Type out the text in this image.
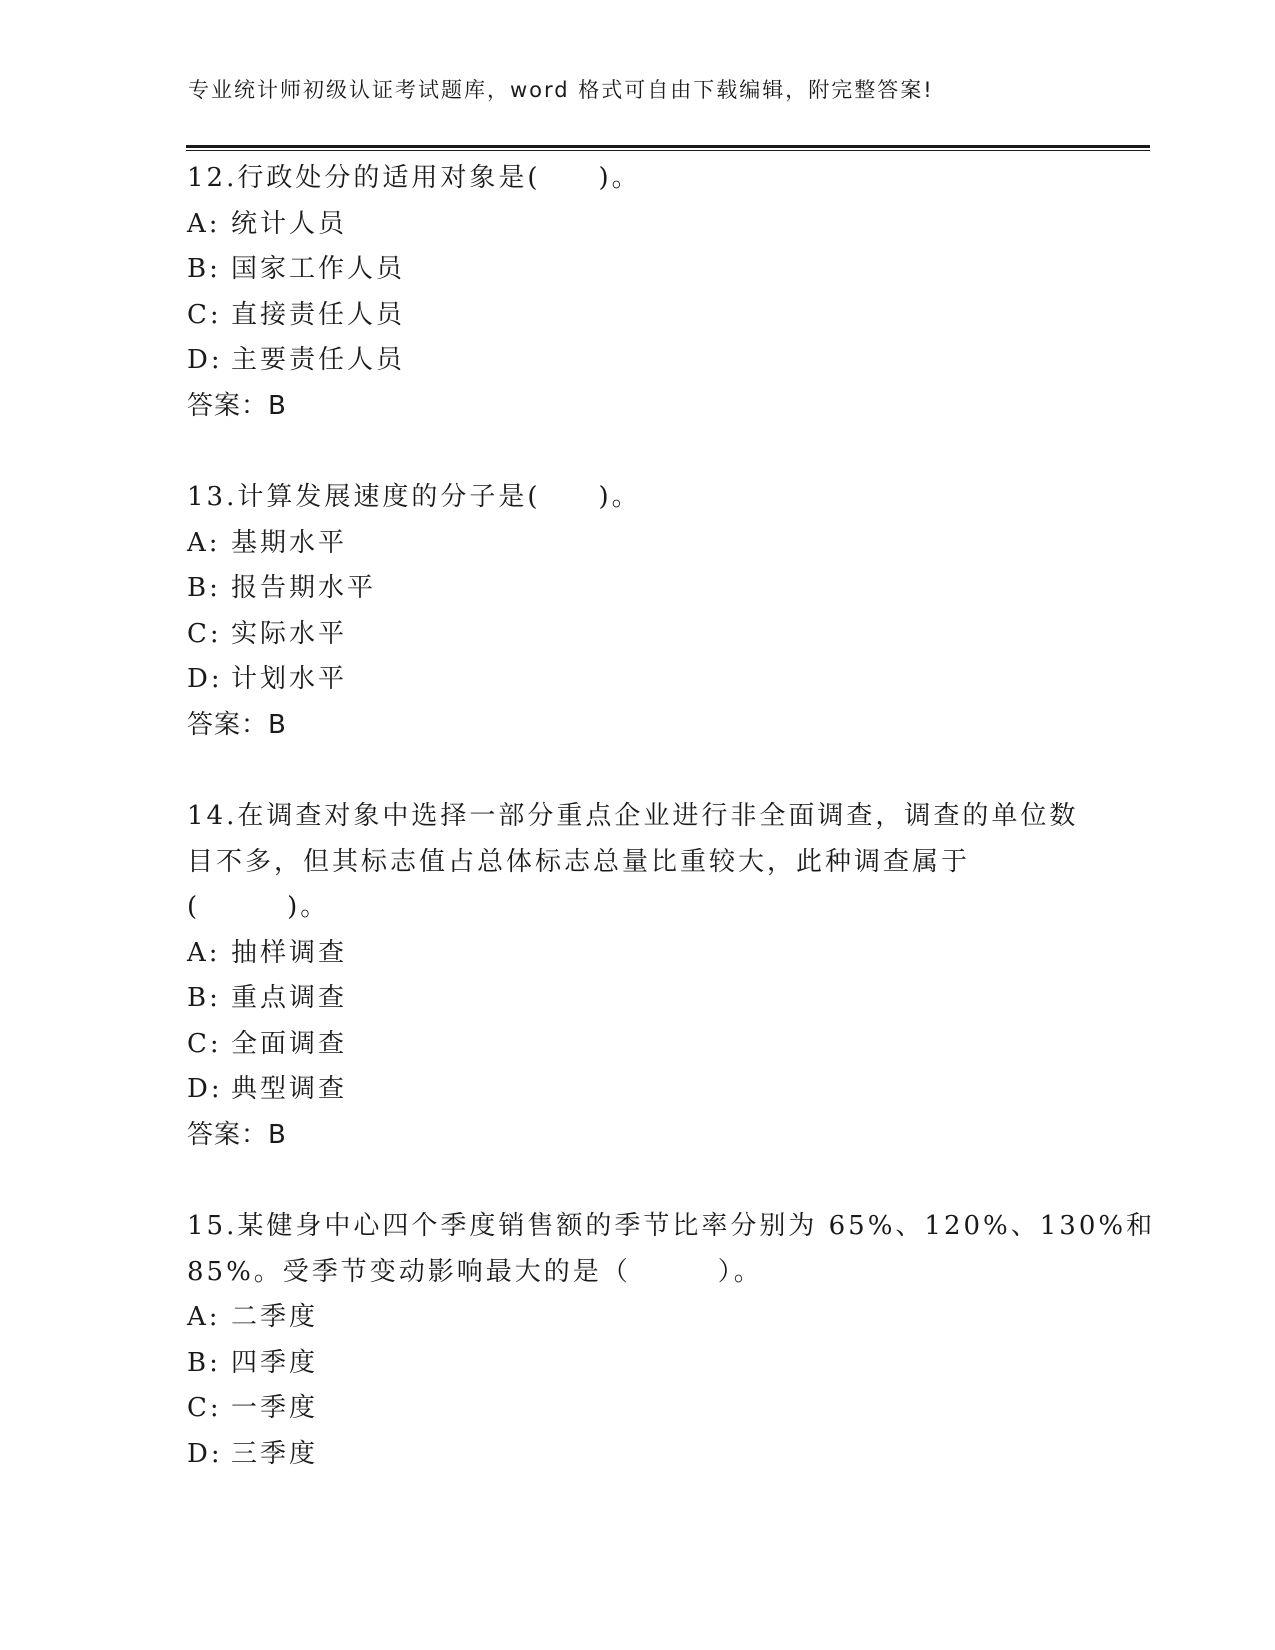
专业统计师初级认证考试题库，word 格式可自由下载编辑，附完整答案!
12.行政处分的适用对象是(　　)。
A: 统计人员
B: 国家工作人员
C: 直接责任人员
D: 主要责任人员
答案：B
13.计算发展速度的分子是(　　)。
A: 基期水平
B: 报告期水平
C: 实际水平
D: 计划水平
答案：B
14.在调查对象中选择一部分重点企业进行非全面调查，调查的单位数
目不多，但其标志值占总体标志总量比重较大，此种调查属于
(　　　)。
A: 抽样调查
B: 重点调查
C: 全面调查
D: 典型调查
答案：B
15.某健身中心四个季度销售额的季节比率分别为 65%、120%、130%和
85%。受季节变动影响最大的是（　　　）。
A: 二季度
B: 四季度
C: 一季度
D: 三季度
